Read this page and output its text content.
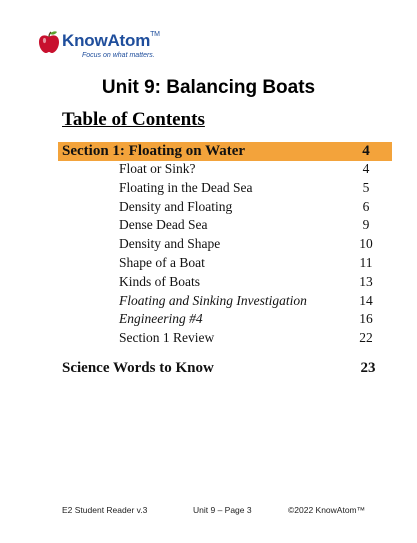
KnowAtom™
Focus on what matters.
Unit 9: Balancing Boats
Table of Contents
Section 1: Floating on Water	4
Float or Sink?	4
Floating in the Dead Sea	5
Density and Floating	6
Dense Dead Sea	9
Density and Shape	10
Shape of a Boat	11
Kinds of Boats	13
Floating and Sinking Investigation	14
Engineering #4	16
Section 1 Review	22
Science Words to Know	23
E2 Student Reader v.3	Unit 9 – Page 3	©2022 KnowAtom™
